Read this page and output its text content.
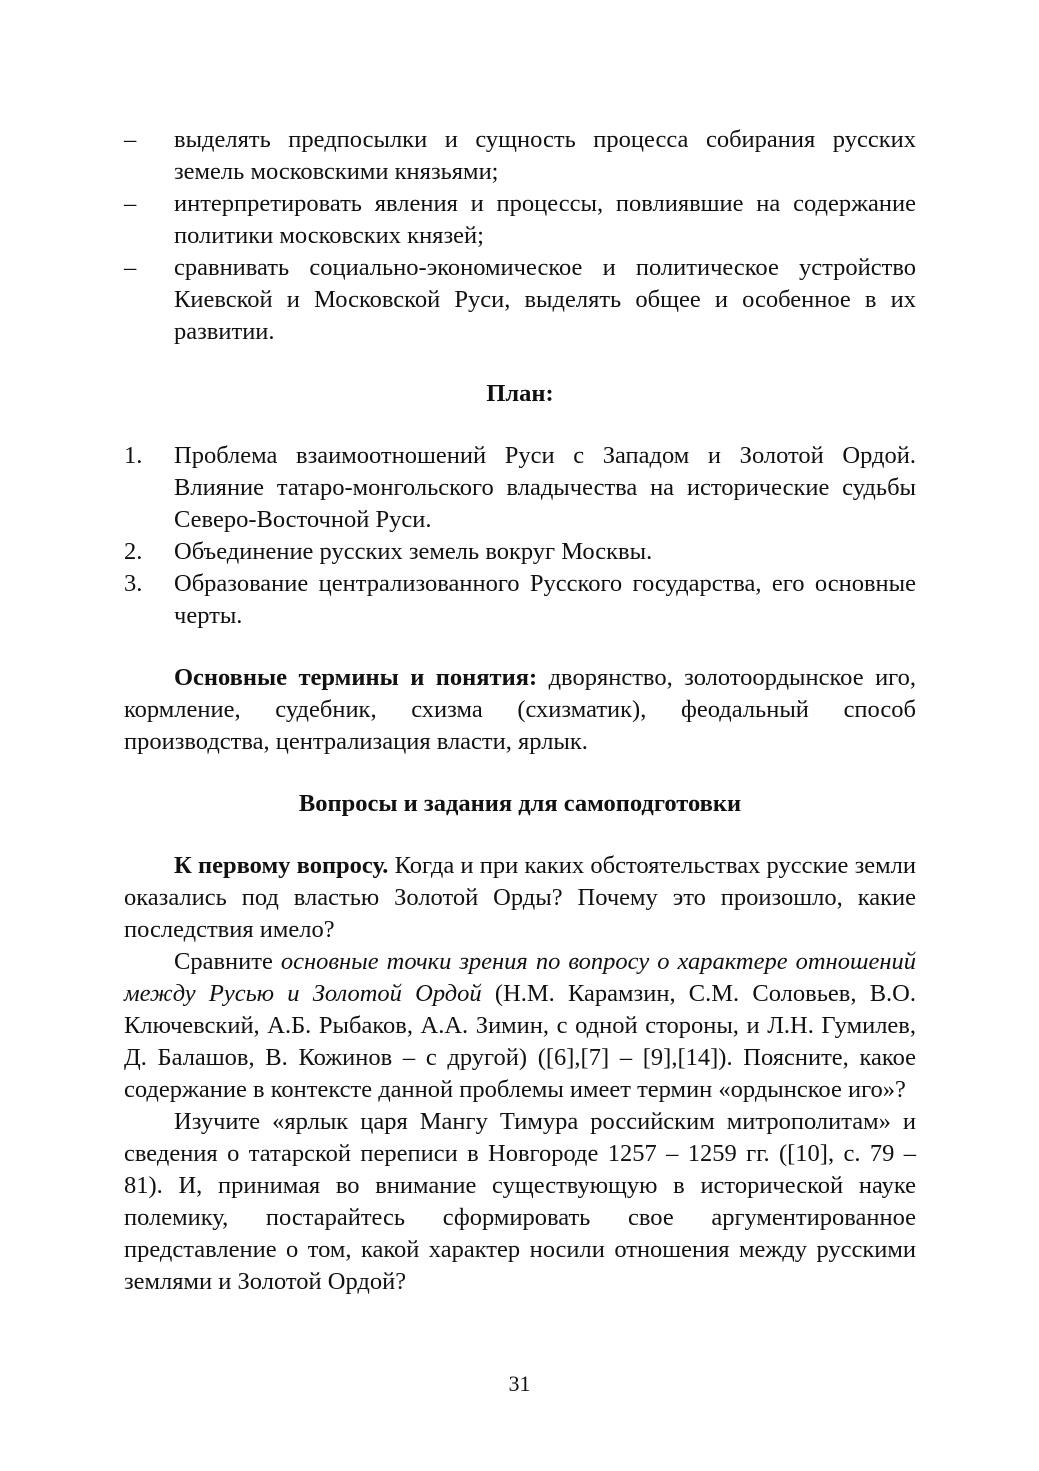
– выделять предпосылки и сущность процесса собирания русских земель московскими князьями;
– интерпретировать явления и процессы, повлиявшие на содержание политики московских князей;
– сравнивать социально-экономическое и политическое устройство Киевской и Московской Руси, выделять общее и особенное в их развитии.
План:
1. Проблема взаимоотношений Руси с Западом и Золотой Ордой. Влияние татаро-монгольского владычества на исторические судьбы Северо-Восточной Руси.
2. Объединение русских земель вокруг Москвы.
3. Образование централизованного Русского государства, его основные черты.

Основные термины и понятия: дворянство, золотоордынское иго, кормление, судебник, схизма (схизматик), феодальный способ производства, централизация власти, ярлык.

Вопросы и задания для самоподготовки

К первому вопросу. Когда и при каких обстоятельствах русские земли оказались под властью Золотой Орды? Почему это произошло, какие последствия имело?

Сравните основные точки зрения по вопросу о характере отношений между Русью и Золотой Ордой (Н.М. Карамзин, С.М. Соловьев, В.О. Ключевский, А.Б. Рыбаков, А.А. Зимин, с одной стороны, и Л.Н. Гумилев, Д. Балашов, В. Кожинов – с другой) ([6],[7] – [9],[14]). Поясните, какое содержание в контексте данной проблемы имеет термин «ордынское иго»?

Изучите «ярлык царя Мангу Тимура российским митрополитам» и сведения о татарской переписи в Новгороде 1257 – 1259 гг. ([10], с. 79 – 81). И, принимая во внимание существующую в исторической науке полемику, постарайтесь сформировать свое аргументированное представление о том, какой характер носили отношения между русскими землями и Золотой Ордой?

31
